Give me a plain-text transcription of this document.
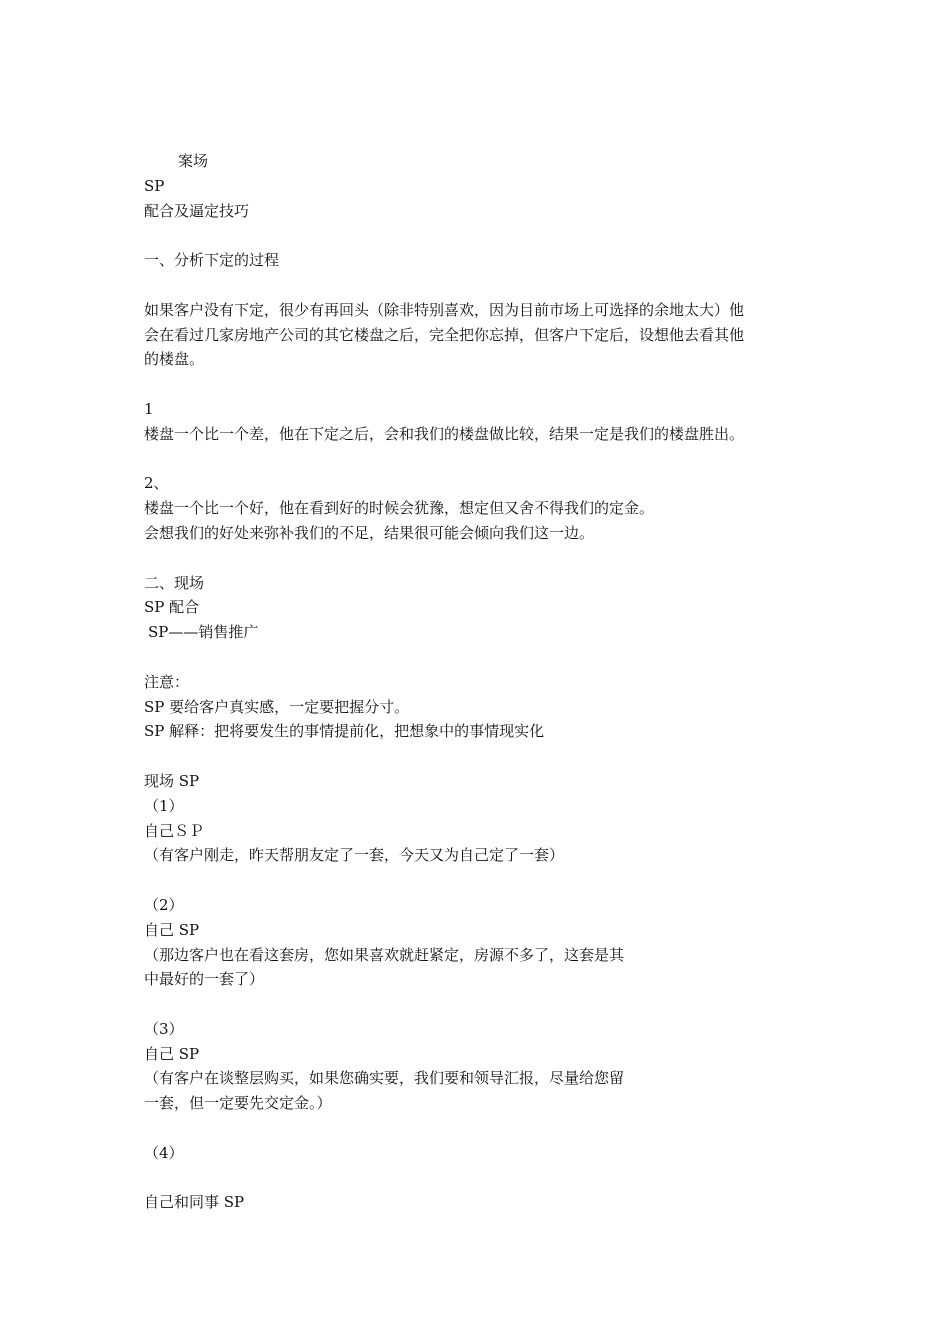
案场
SP
配合及逼定技巧
一、分析下定的过程
如果客户没有下定，很少有再回头（除非特别喜欢，因为目前市场上可选择的余地太大）他
会在看过几家房地产公司的其它楼盘之后，完全把你忘掉，但客户下定后，设想他去看其他
的楼盘。
1
楼盘一个比一个差，他在下定之后，会和我们的楼盘做比较，结果一定是我们的楼盘胜出。
2、
楼盘一个比一个好，他在看到好的时候会犹豫，想定但又舍不得我们的定金。
会想我们的好处来弥补我们的不足，结果很可能会倾向我们这一边。
二、现场
SP 配合
SP——销售推广
注意：
SP 要给客户真实感，一定要把握分寸。
SP 解释：把将要发生的事情提前化，把想象中的事情现实化
现场 SP
（1）
自己ＳＰ
（有客户刚走，昨天帮朋友定了一套，今天又为自己定了一套）
（2）
自己 SP
（那边客户也在看这套房，您如果喜欢就赶紧定，房源不多了，这套是其
中最好的一套了）
（3）
自己 SP
（有客户在谈整层购买，如果您确实要，我们要和领导汇报，尽量给您留
一套，但一定要先交定金。）
（4）
自己和同事 SP
